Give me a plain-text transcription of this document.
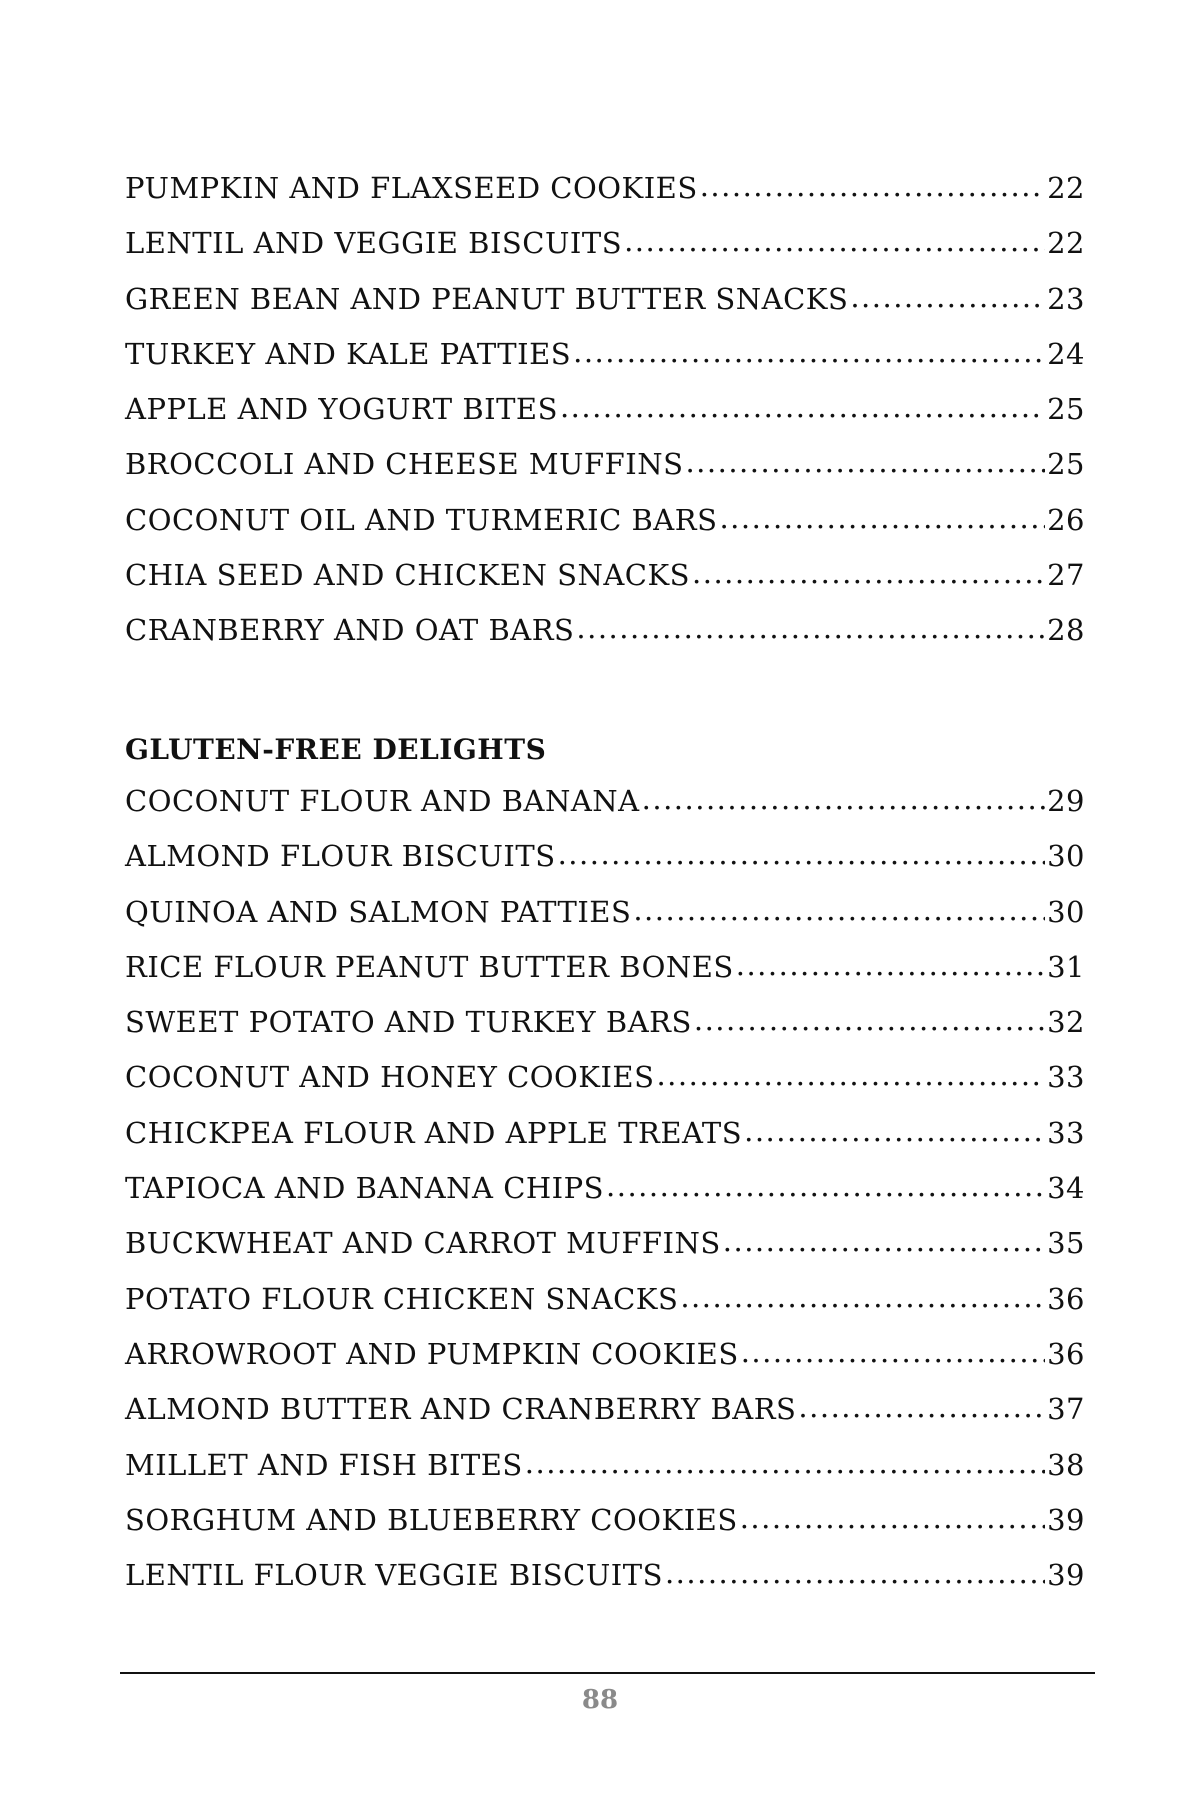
PUMPKIN AND FLAXSEED COOKIES .....	22
LENTIL AND VEGGIE BISCUITS .....	22
GREEN BEAN AND PEANUT BUTTER SNACKS .....	23
TURKEY AND KALE PATTIES .....	24
APPLE AND YOGURT BITES .....	25
BROCCOLI AND CHEESE MUFFINS .....	25
COCONUT OIL AND TURMERIC BARS .....	26
CHIA SEED AND CHICKEN SNACKS .....	27
CRANBERRY AND OAT BARS .....	28
GLUTEN-FREE DELIGHTS
COCONUT FLOUR AND BANANA .....	29
ALMOND FLOUR BISCUITS .....	30
QUINOA AND SALMON PATTIES .....	30
RICE FLOUR PEANUT BUTTER BONES .....	31
SWEET POTATO AND TURKEY BARS .....	32
COCONUT AND HONEY COOKIES .....	33
CHICKPEA FLOUR AND APPLE TREATS .....	33
TAPIOCA AND BANANA CHIPS .....	34
BUCKWHEAT AND CARROT MUFFINS .....	35
POTATO FLOUR CHICKEN SNACKS .....	36
ARROWROOT AND PUMPKIN COOKIES .....	36
ALMOND BUTTER AND CRANBERRY BARS .....	37
MILLET AND FISH BITES .....	38
SORGHUM AND BLUEBERRY COOKIES .....	39
LENTIL FLOUR VEGGIE BISCUITS .....	39
88
